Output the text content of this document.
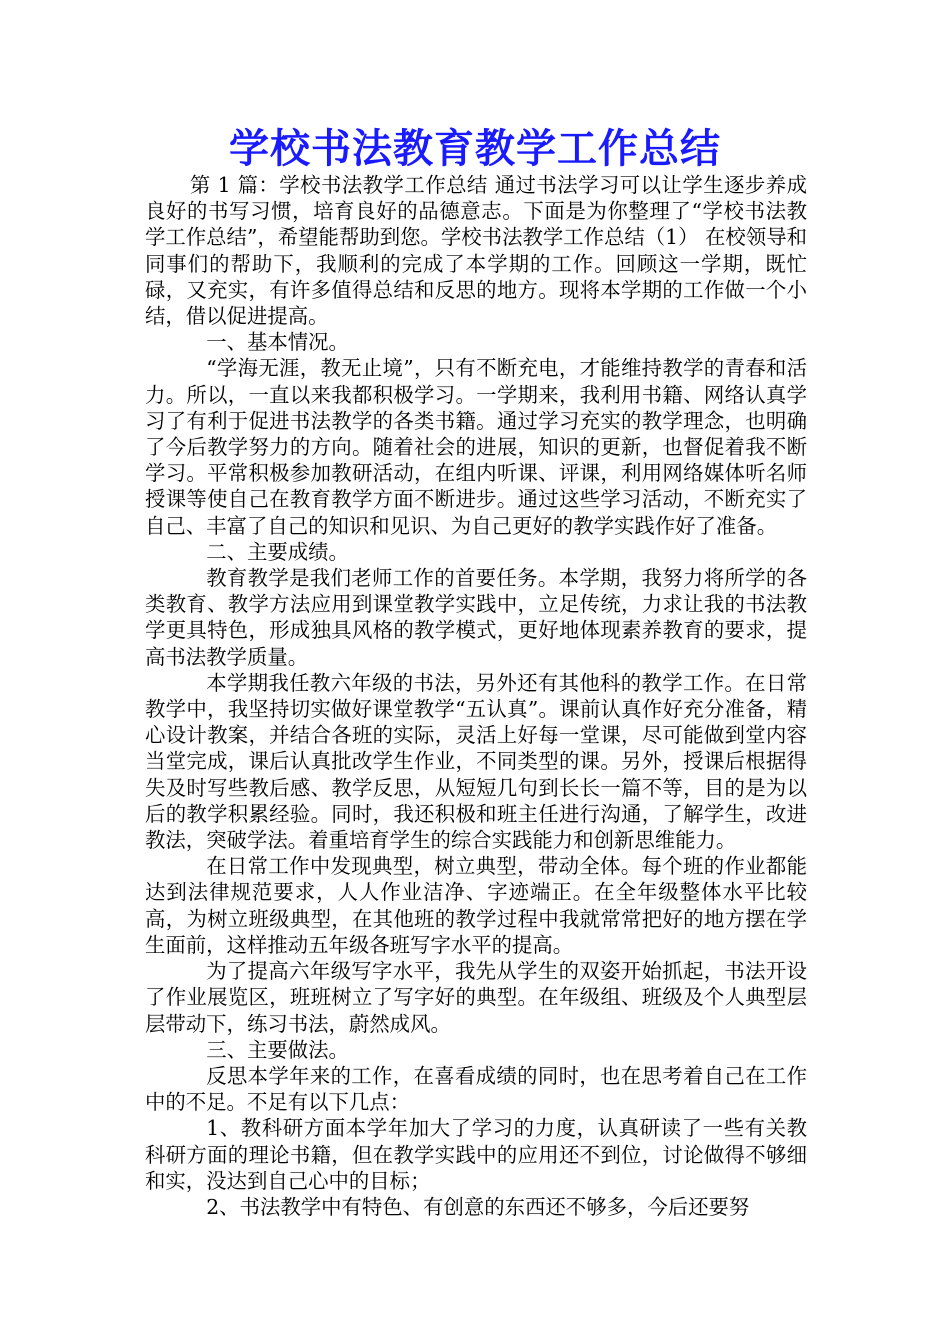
学校书法教育教学工作总结

第 1 篇：学校书法教学工作总结 通过书法学习可以让学生逐步养成良好的书写习惯，培育良好的品德意志。下面是为你整理了“学校书法教学工作总结”，希望能帮助到您。学校书法教学工作总结（1） 在校领导和同事们的帮助下，我顺利的完成了本学期的工作。回顾这一学期，既忙碌，又充实，有许多值得总结和反思的地方。现将本学期的工作做一个小结，借以促进提高。

一、基本情况。

“学海无涯，教无止境”，只有不断充电，才能维持教学的青春和活力。所以，一直以来我都积极学习。一学期来，我利用书籍、网络认真学习了有利于促进书法教学的各类书籍。通过学习充实的教学理念，也明确了今后教学努力的方向。随着社会的进展，知识的更新，也督促着我不断学习。平常积极参加教研活动，在组内听课、评课，利用网络媒体听名师授课等使自己在教育教学方面不断进步。通过这些学习活动，不断充实了自己、丰富了自己的知识和见识、为自己更好的教学实践作好了准备。

二、主要成绩。

教育教学是我们老师工作的首要任务。本学期，我努力将所学的各类教育、教学方法应用到课堂教学实践中，立足传统，力求让我的书法教学更具特色，形成独具风格的教学模式，更好地体现素养教育的要求，提高书法教学质量。

本学期我任教六年级的书法，另外还有其他科的教学工作。在日常教学中，我坚持切实做好课堂教学“五认真”。课前认真作好充分准备，精心设计教案，并结合各班的实际，灵活上好每一堂课，尽可能做到堂内容当堂完成，课后认真批改学生作业，不同类型的课。另外，授课后根据得失及时写些教后感、教学反思，从短短几句到长长一篇不等，目的是为以后的教学积累经验。同时，我还积极和班主任进行沟通，了解学生，改进教法，突破学法。着重培育学生的综合实践能力和创新思维能力。

在日常工作中发现典型，树立典型，带动全体。每个班的作业都能达到法律规范要求，人人作业洁净、字迹端正。在全年级整体水平比较高，为树立班级典型，在其他班的教学过程中我就常常把好的地方摆在学生面前，这样推动五年级各班写字水平的提高。

为了提高六年级写字水平，我先从学生的双姿开始抓起，书法开设了作业展览区，班班树立了写字好的典型。在年级组、班级及个人典型层层带动下，练习书法，蔚然成风。

三、主要做法。

反思本学年来的工作，在喜看成绩的同时，也在思考着自己在工作中的不足。不足有以下几点：

1、教科研方面本学年加大了学习的力度，认真研读了一些有关教科研方面的理论书籍，但在教学实践中的应用还不到位，讨论做得不够细和实，没达到自己心中的目标；

2、书法教学中有特色、有创意的东西还不够多，今后还要努
